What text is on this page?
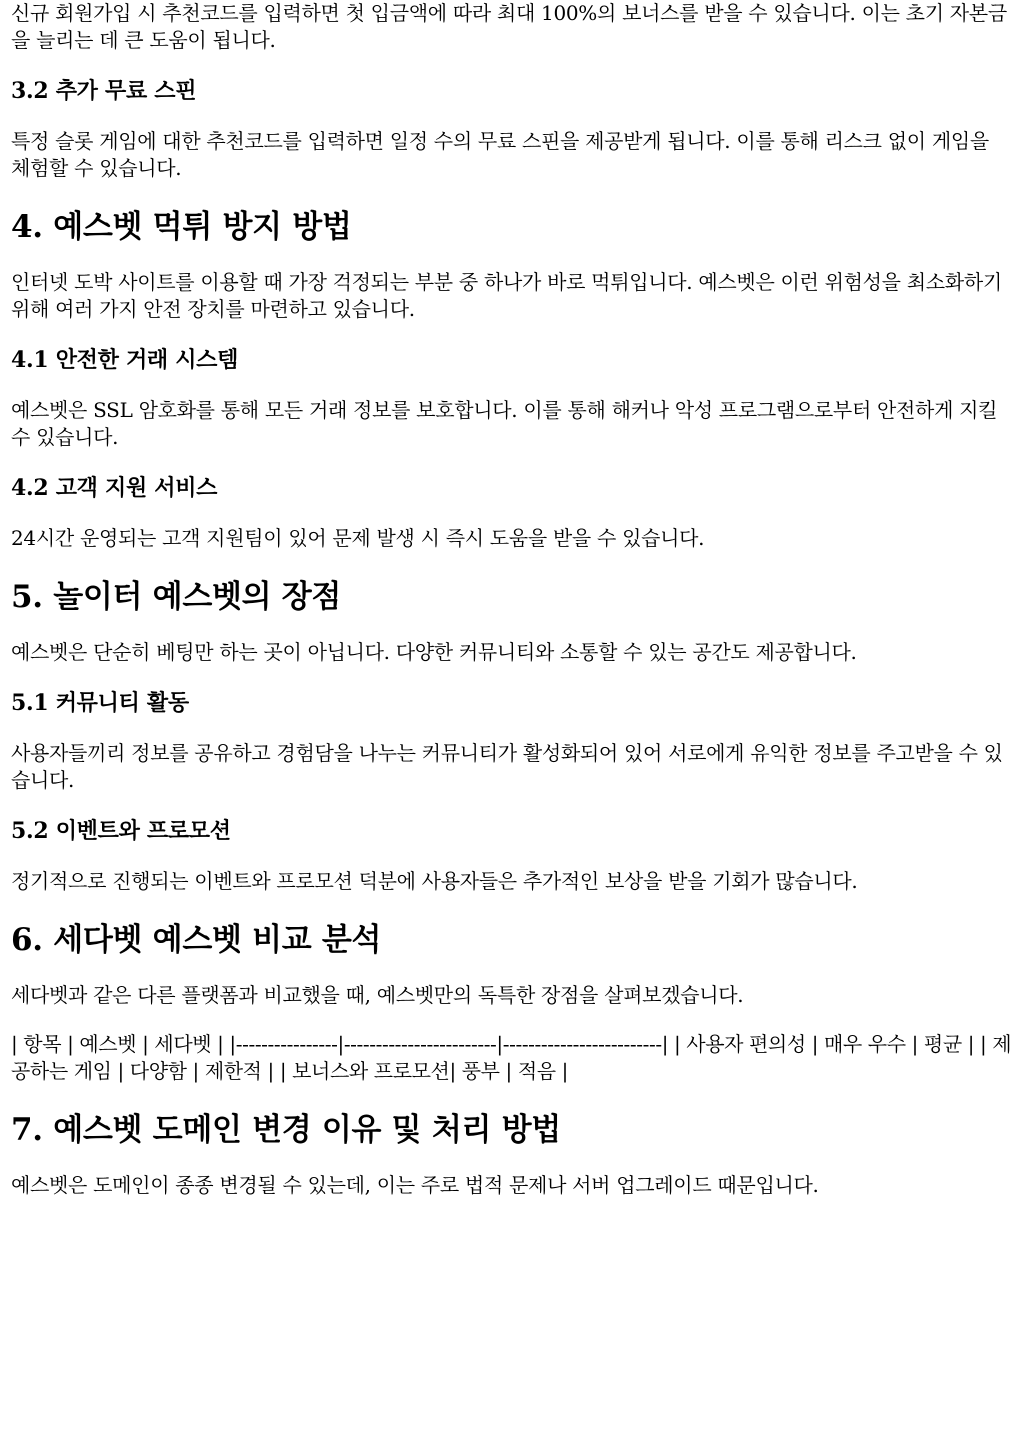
신규 회원가입 시 추천코드를 입력하면 첫 입금액에 따라 최대 100%의 보너스를 받을 수 있습니다. 이는 초기 자본금을 늘리는 데 큰 도움이 됩니다.

3.2 추가 무료 스핀

특정 슬롯 게임에 대한 추천코드를 입력하면 일정 수의 무료 스핀을 제공받게 됩니다. 이를 통해 리스크 없이 게임을 체험할 수 있습니다.

4. 예스벳 먹튀 방지 방법

인터넷 도박 사이트를 이용할 때 가장 걱정되는 부분 중 하나가 바로 먹튀입니다. 예스벳은 이런 위험성을 최소화하기 위해 여러 가지 안전 장치를 마련하고 있습니다.

4.1 안전한 거래 시스템

예스벳은 SSL 암호화를 통해 모든 거래 정보를 보호합니다. 이를 통해 해커나 악성 프로그램으로부터 안전하게 지킬 수 있습니다.

4.2 고객 지원 서비스

24시간 운영되는 고객 지원팀이 있어 문제 발생 시 즉시 도움을 받을 수 있습니다.

5. 놀이터 예스벳의 장점

예스벳은 단순히 베팅만 하는 곳이 아닙니다. 다양한 커뮤니티와 소통할 수 있는 공간도 제공합니다.

5.1 커뮤니티 활동

사용자들끼리 정보를 공유하고 경험담을 나누는 커뮤니티가 활성화되어 있어 서로에게 유익한 정보를 주고받을 수 있습니다.

5.2 이벤트와 프로모션

정기적으로 진행되는 이벤트와 프로모션 덕분에 사용자들은 추가적인 보상을 받을 기회가 많습니다.

6. 세다벳 예스벳 비교 분석

세다벳과 같은 다른 플랫폼과 비교했을 때, 예스벳만의 독특한 장점을 살펴보겠습니다.

| 항목 | 예스벳 | 세다벳 | |----------------|------------------------|-------------------------| | 사용자 편의성 | 매우 우수 | 평균 | | 제공하는 게임 | 다양함 | 제한적 | | 보너스와 프로모션| 풍부 | 적음 |

7. 예스벳 도메인 변경 이유 및 처리 방법

예스벳은 도메인이 종종 변경될 수 있는데, 이는 주로 법적 문제나 서버 업그레이드 때문입니다.
